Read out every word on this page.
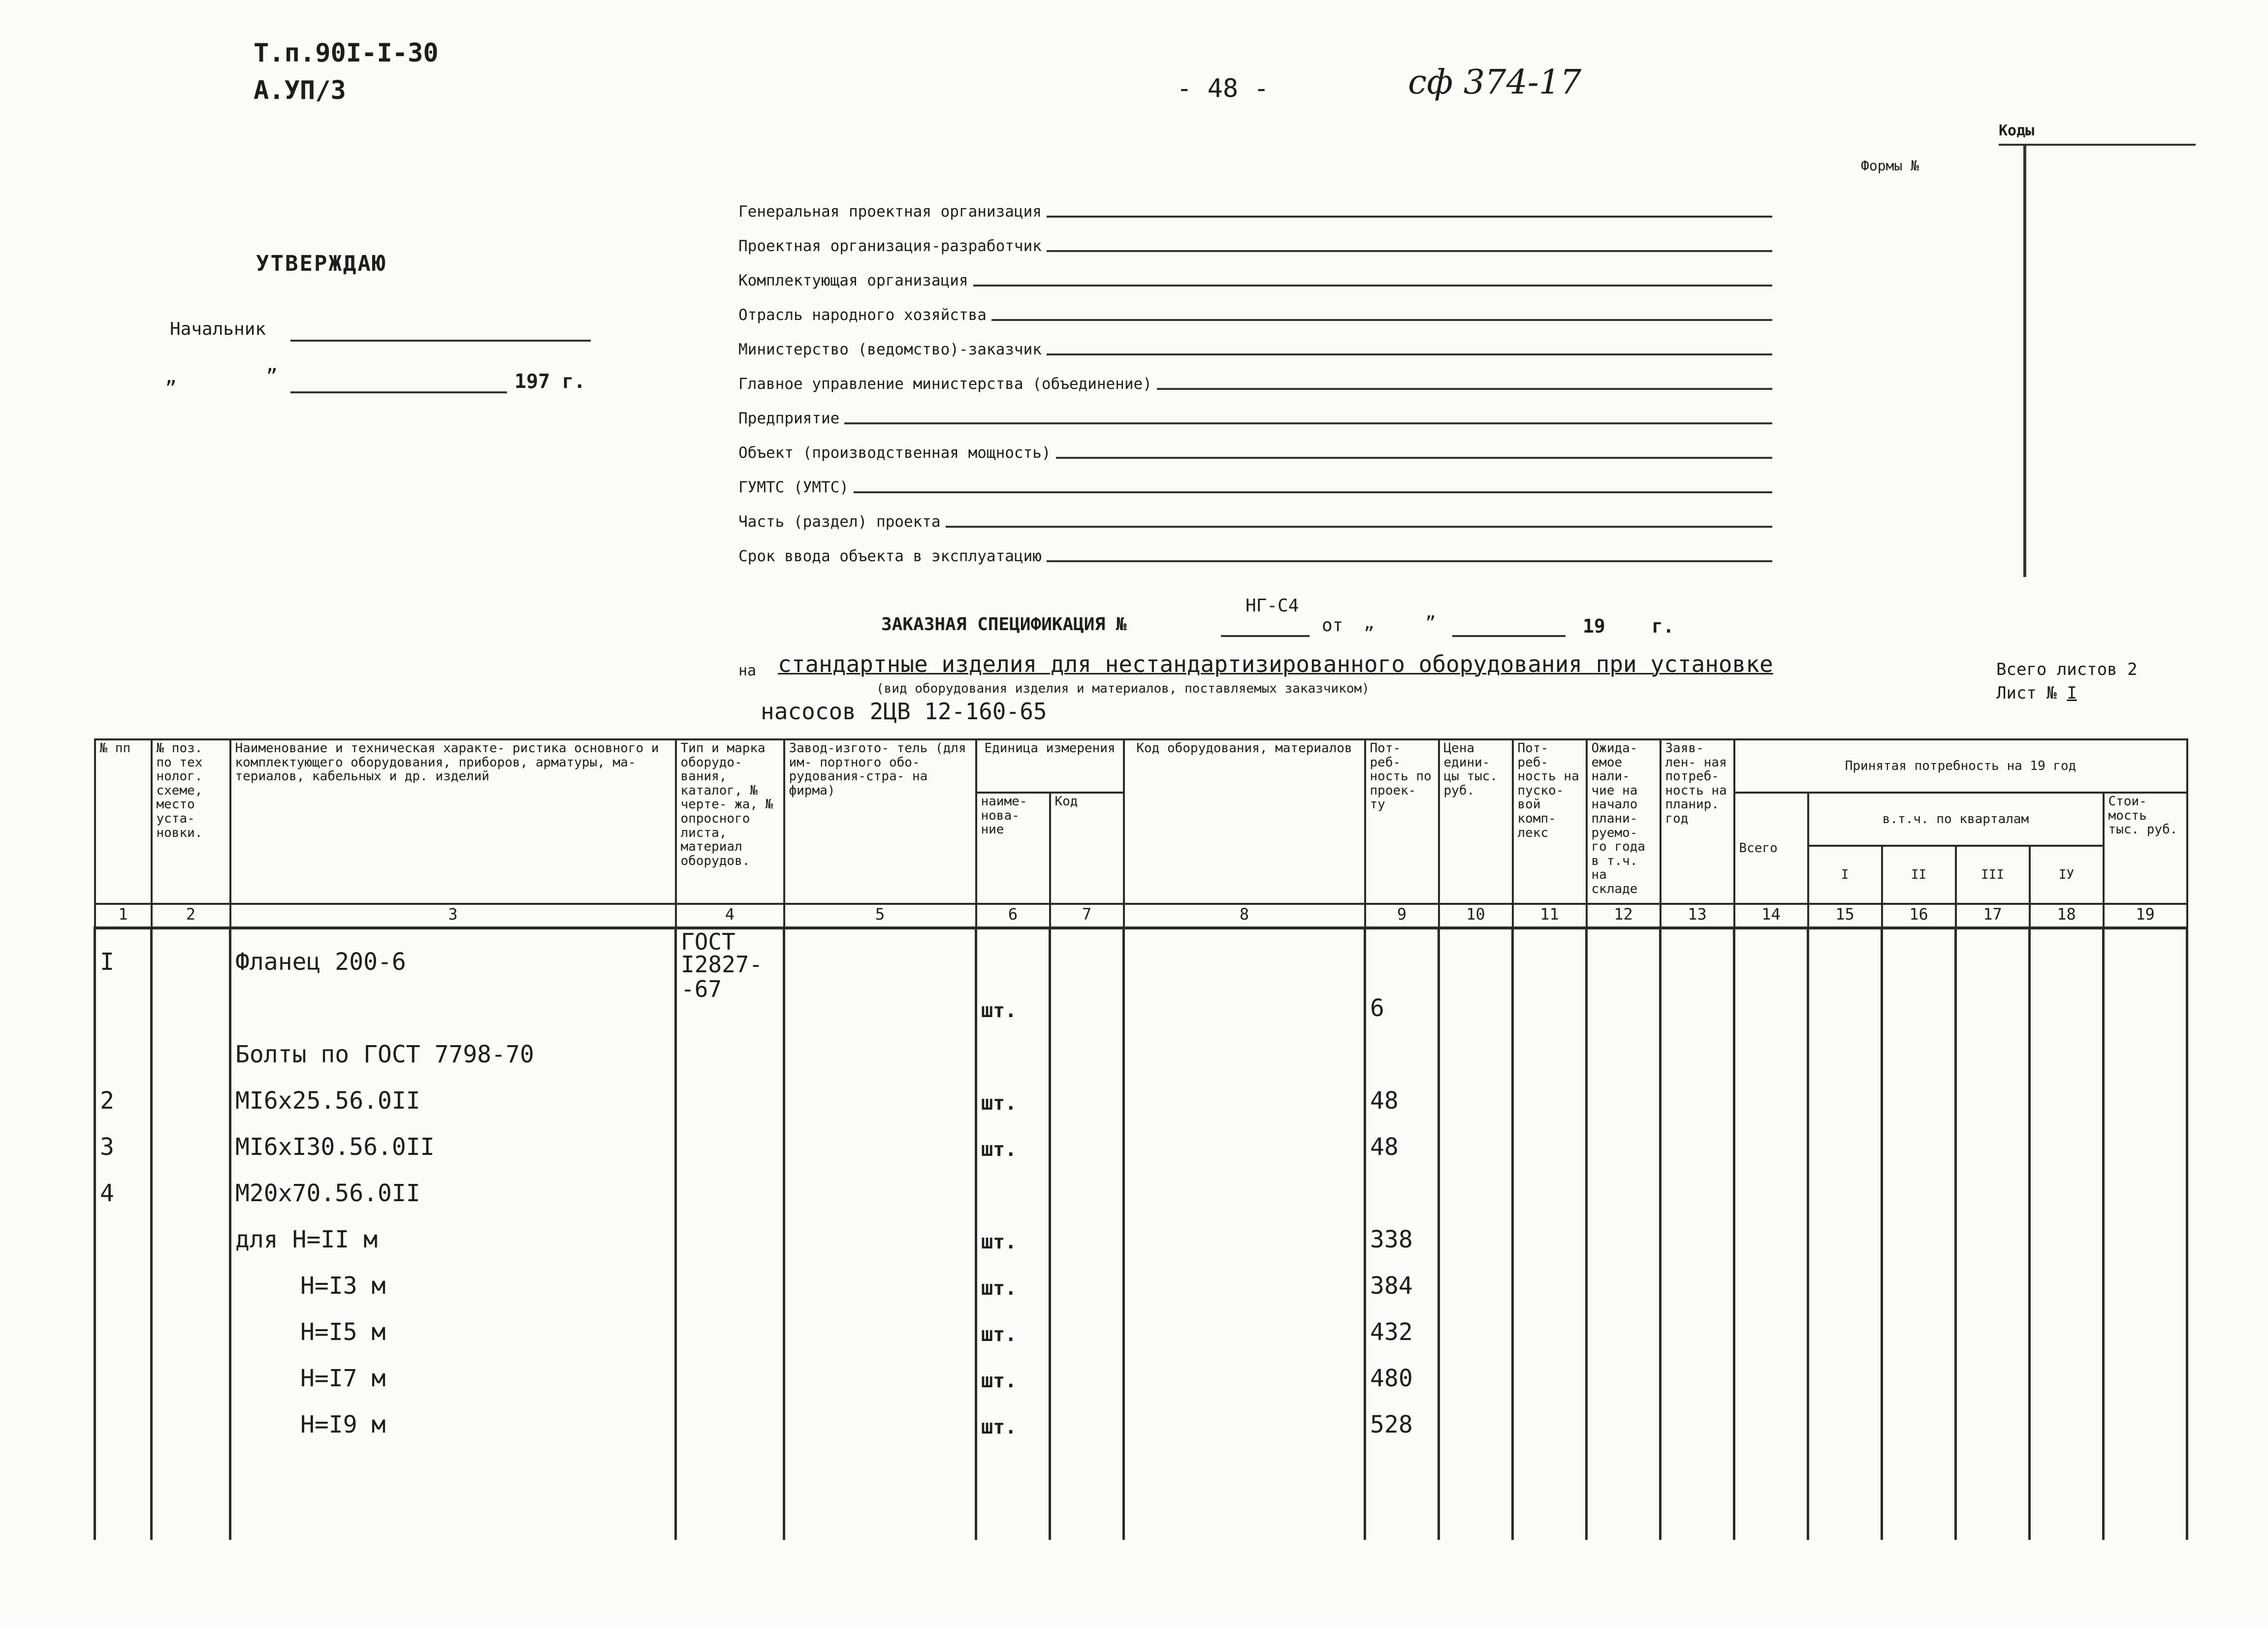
Т.п.90I-I-30
А.УП/3	- 48 -	сф 374-17
УТВЕРЖДАЮ
Начальник
„	”	197 г.
Генеральная проектная организация
Проектная организация-разработчик
Комплектующая организация
Отрасль народного хозяйства
Министерство (ведомство)-заказчик
Главное управление министерства (объединение)
Предприятие
Объект (производственная мощность)
ГУМТС (УМТС)
Часть (раздел) проекта
Срок ввода объекта в эксплуатацию
Формы №
Коды
ЗАКАЗНАЯ СПЕЦИФИКАЦИЯ №
НГ-С4
от „	”	19 г.
на стандартные изделия для нестандартизированного оборудования при установке
(вид оборудования изделия и материалов, поставляемых заказчиком)
насосов 2ЦВ 12-160-65
Всего листов 2
Лист № I
№ пп	№ поз. по тех нолог. схеме, место уста- новки.	Наименование и техническая характе- ристика основного и комплектующего оборудования, приборов, арматуры, ма- териалов, кабельных и др. изделий	Тип и марка оборудо- вания, каталог, № черте- жа, № опросного листа, материал оборудов.	Завод-изгото- тель (для им- портного обо- рудования-стра- на фирма)	Единица измерения		Код оборудования, материалов	Пот- реб- ность по проек- ту	Цена едини- цы тыс. руб.	Пот- реб- ность на пуско- вой комп- лекс	Ожида- емое нали- чие на начало плани- руемо- го года в т.ч. на складе	Заяв- лен- ная потреб- ность на планир. год	Принятая потребность на 19 год					
					наиме- нова- ние	Код							Всего	в.т.ч. по кварталам				Стои- мость тыс. руб.
														I	II	III	IУ	
1	2	3	4	5	6	7	8	9	10	11	12	13	14	15	16	17	18	19
I		Фланец 200-6	ГОСТ I2827-															
			-67		шт.			6										
		Болты по ГОСТ 7798-70																
2		МI6х25.56.0II			шт.			48										
3		МI6хI30.56.0II			шт.			48										
4		М20х70.56.0II																
		для Н=II м			шт.			338										
		Н=I3 м			шт.			384										
		Н=I5 м			шт.			432										
		Н=I7 м			шт.			480										
		Н=I9 м			шт.			528										
